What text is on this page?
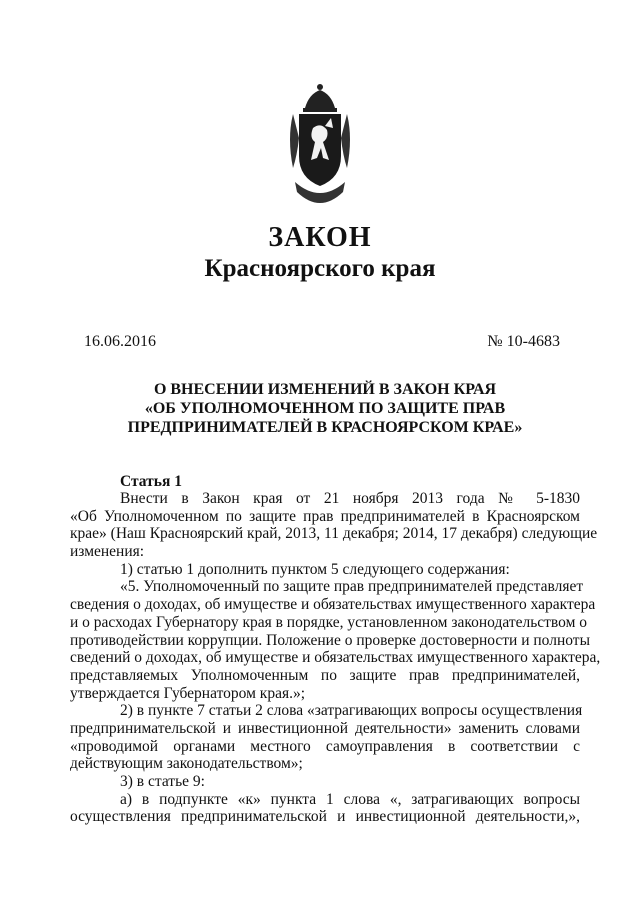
ЗАКОН
Красноярского края
16.06.2016	№ 10-4683
О ВНЕСЕНИИ ИЗМЕНЕНИЙ В ЗАКОН КРАЯ
«ОБ УПОЛНОМОЧЕННОМ ПО ЗАЩИТЕ ПРАВ
ПРЕДПРИНИМАТЕЛЕЙ В КРАСНОЯРСКОМ КРАЕ»
Статья 1
Внести в Закон края от 21 ноября 2013 года № 5-1830
«Об Уполномоченном по защите прав предпринимателей в Красноярском
крае» (Наш Красноярский край, 2013, 11 декабря; 2014, 17 декабря) следующие
изменения:
1) статью 1 дополнить пунктом 5 следующего содержания:
«5. Уполномоченный по защите прав предпринимателей представляет
сведения о доходах, об имуществе и обязательствах имущественного характера
и о расходах Губернатору края в порядке, установленном законодательством о
противодействии коррупции. Положение о проверке достоверности и полноты
сведений о доходах, об имуществе и обязательствах имущественного характера,
представляемых Уполномоченным по защите прав предпринимателей,
утверждается Губернатором края.»;
2) в пункте 7 статьи 2 слова «затрагивающих вопросы осуществления
предпринимательской и инвестиционной деятельности» заменить словами
«проводимой органами местного самоуправления в соответствии с
действующим законодательством»;
3) в статье 9:
а) в подпункте «к» пункта 1 слова «, затрагивающих вопросы
осуществления предпринимательской и инвестиционной деятельности,»,
